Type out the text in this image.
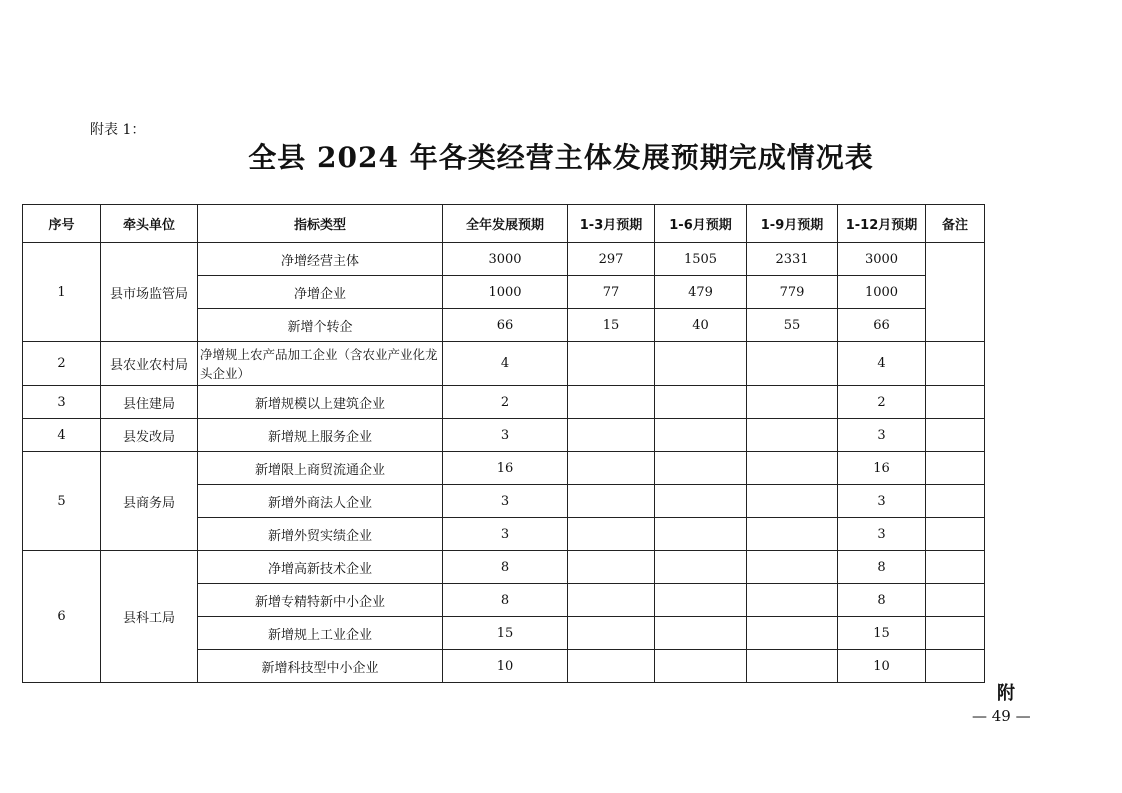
附表 1：
全县 2024 年各类经营主体发展预期完成情况表
序号	牵头单位	指标类型	全年发展预期	1-3月预期	1-6月预期	1-9月预期	1-12月预期	备注
1	县市场监管局	净增经营主体	3000	297	1505	2331	3000	
		净增企业	1000	77	479	779	1000	
		新增个转企	66	15	40	55	66	
2	县农业农村局	净增规上农产品加工企业（含农业产业化龙头企业）	4				4	
3	县住建局	新增规模以上建筑企业	2				2	
4	县发改局	新增规上服务企业	3				3	
5	县商务局	新增限上商贸流通企业	16				16	
		新增外商法人企业	3				3	
		新增外贸实绩企业	3				3	
6	县科工局	净增高新技术企业	8				8	
		新增专精特新中小企业	8				8	
		新增规上工业企业	15				15	
		新增科技型中小企业	10				10	
附
— 49 —
